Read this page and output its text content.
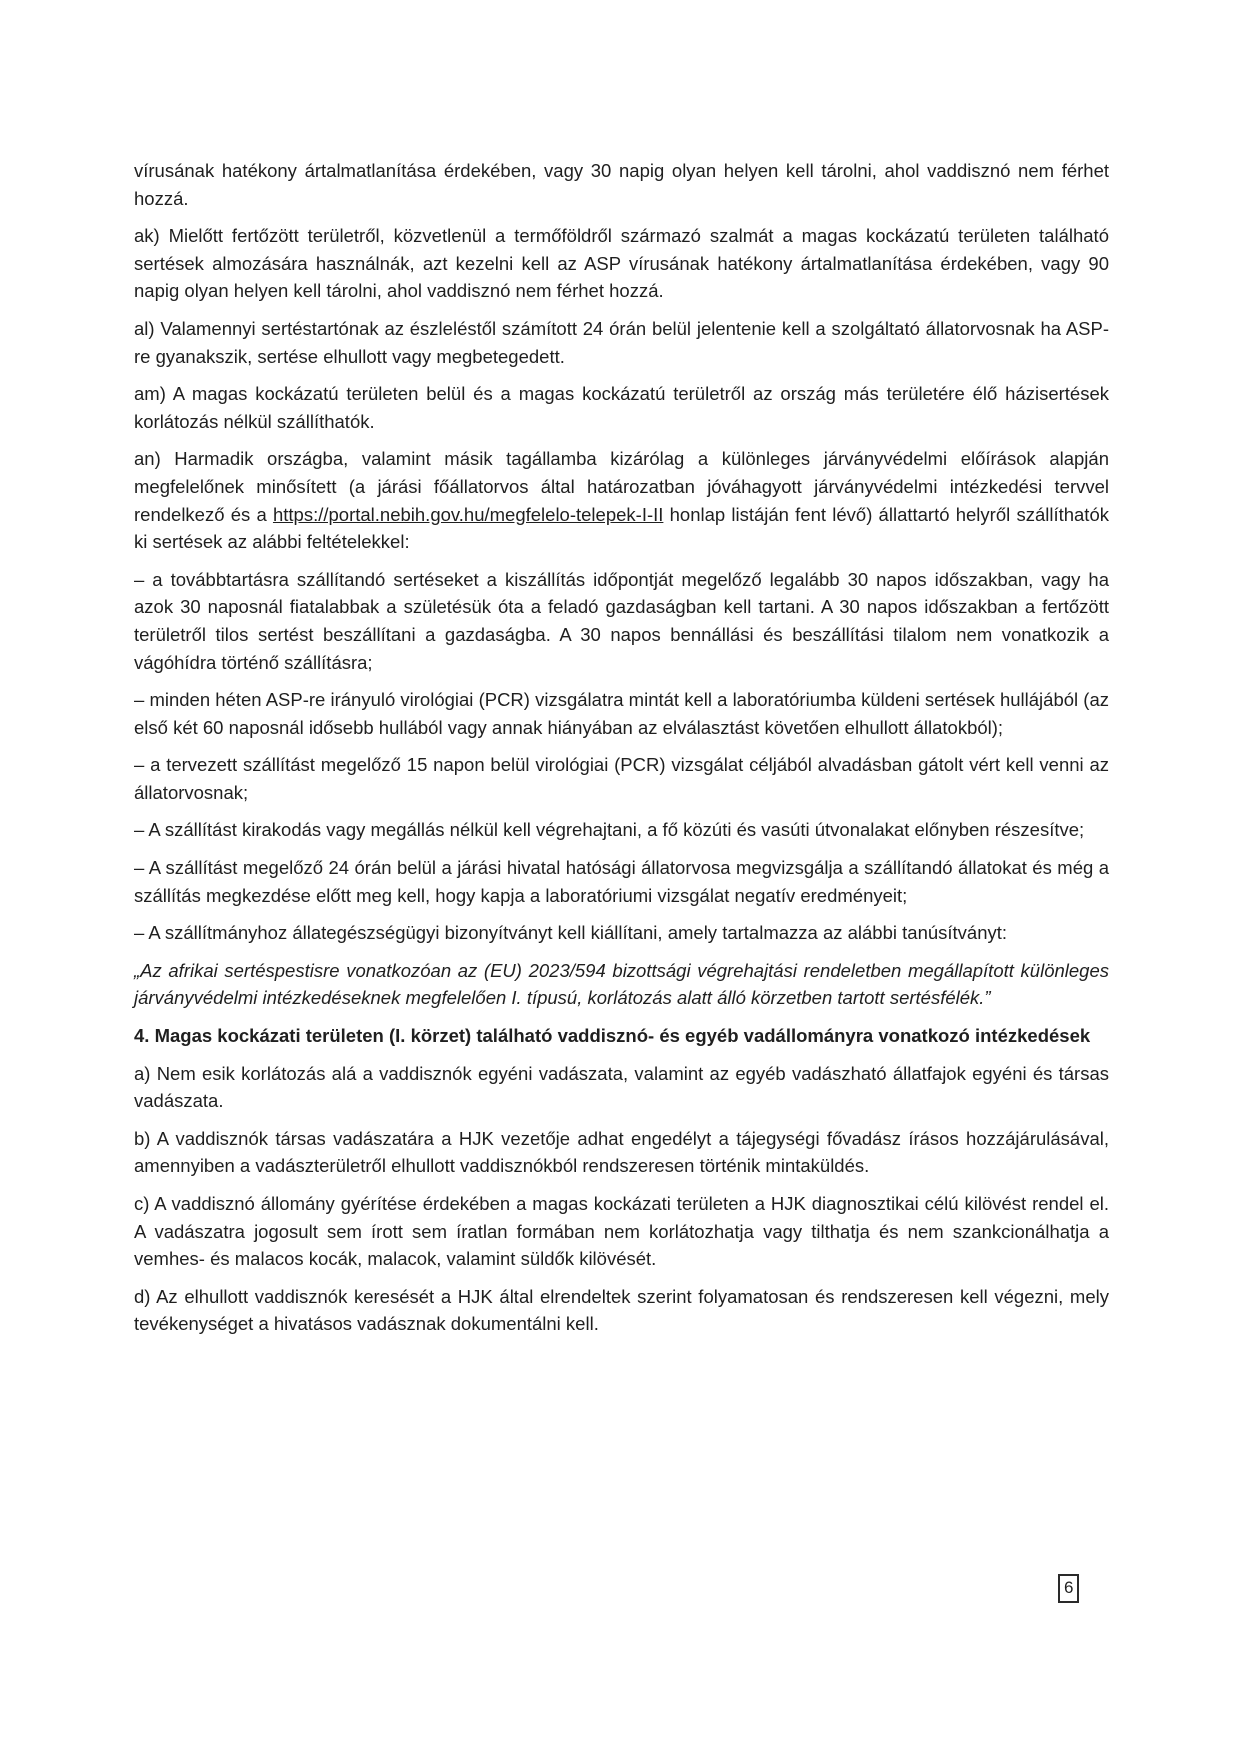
vírusának hatékony ártalmatlanítása érdekében, vagy 30 napig olyan helyen kell tárolni, ahol vaddisznó nem férhet hozzá.

ak) Mielőtt fertőzött területről, közvetlenül a termőföldről származó szalmát a magas kockázatú területen található sertések almozására használnák, azt kezelni kell az ASP vírusának hatékony ártalmatlanítása érdekében, vagy 90 napig olyan helyen kell tárolni, ahol vaddisznó nem férhet hozzá.

al) Valamennyi sertéstartónak az észleléstől számított 24 órán belül jelentenie kell a szolgáltató állatorvosnak ha ASP-re gyanakszik, sertése elhullott vagy megbetegedett.

am) A magas kockázatú területen belül és a magas kockázatú területről az ország más területére élő házisertések korlátozás nélkül szállíthatók.

an) Harmadik országba, valamint másik tagállamba kizárólag a különleges járványvédelmi előírások alapján megfelelőnek minősített (a járási főállatorvos által határozatban jóváhagyott járványvédelmi intézkedési tervvel rendelkező és a https://portal.nebih.gov.hu/megfelelo-telepek-I-II honlap listáján fent lévő) állattartó helyről szállíthatók ki sertések az alábbi feltételekkel:

– a továbbtartásra szállítandó sertéseket a kiszállítás időpontját megelőző legalább 30 napos időszakban, vagy ha azok 30 naposnál fiatalabbak a születésük óta a feladó gazdaságban kell tartani. A 30 napos időszakban a fertőzött területről tilos sertést beszállítani a gazdaságba. A 30 napos bennállási és beszállítási tilalom nem vonatkozik a vágóhídra történő szállításra;

– minden héten ASP-re irányuló virológiai (PCR) vizsgálatra mintát kell a laboratóriumba küldeni sertések hullájából (az első két 60 naposnál idősebb hullából vagy annak hiányában az elválasztást követően elhullott állatokból);

– a tervezett szállítást megelőző 15 napon belül virológiai (PCR) vizsgálat céljából alvadásban gátolt vért kell venni az állatorvosnak;

– A szállítást kirakodás vagy megállás nélkül kell végrehajtani, a fő közúti és vasúti útvonalakat előnyben részesítve;

– A szállítást megelőző 24 órán belül a járási hivatal hatósági állatorvosa megvizsgálja a szállítandó állatokat és még a szállítás megkezdése előtt meg kell, hogy kapja a laboratóriumi vizsgálat negatív eredményeit;

– A szállítmányhoz állategészségügyi bizonyítványt kell kiállítani, amely tartalmazza az alábbi tanúsítványt:

„Az afrikai sertéspestisre vonatkozóan az (EU) 2023/594 bizottsági végrehajtási rendeletben megállapított különleges járványvédelmi intézkedéseknek megfelelően I. típusú, korlátozás alatt álló körzetben tartott sertésfélék.”

4. Magas kockázati területen (I. körzet) található vaddisznó- és egyéb vadállományra vonatkozó intézkedések

a) Nem esik korlátozás alá a vaddisznók egyéni vadászata, valamint az egyéb vadászható állatfajok egyéni és társas vadászata.

b) A vaddisznók társas vadászatára a HJK vezetője adhat engedélyt a tájegységi fővadász írásos hozzájárulásával, amennyiben a vadászterületről elhullott vaddisznókból rendszeresen történik mintaküldés.

c) A vaddisznó állomány gyérítése érdekében a magas kockázati területen a HJK diagnosztikai célú kilövést rendel el. A vadászatra jogosult sem írott sem íratlan formában nem korlátozhatja vagy tilthatja és nem szankcionálhatja a vemhes- és malacos kocák, malacok, valamint süldők kilövését.

d) Az elhullott vaddisznók keresését a HJK által elrendeltek szerint folyamatosan és rendszeresen kell végezni, mely tevékenységet a hivatásos vadásznak dokumentálni kell.

6
